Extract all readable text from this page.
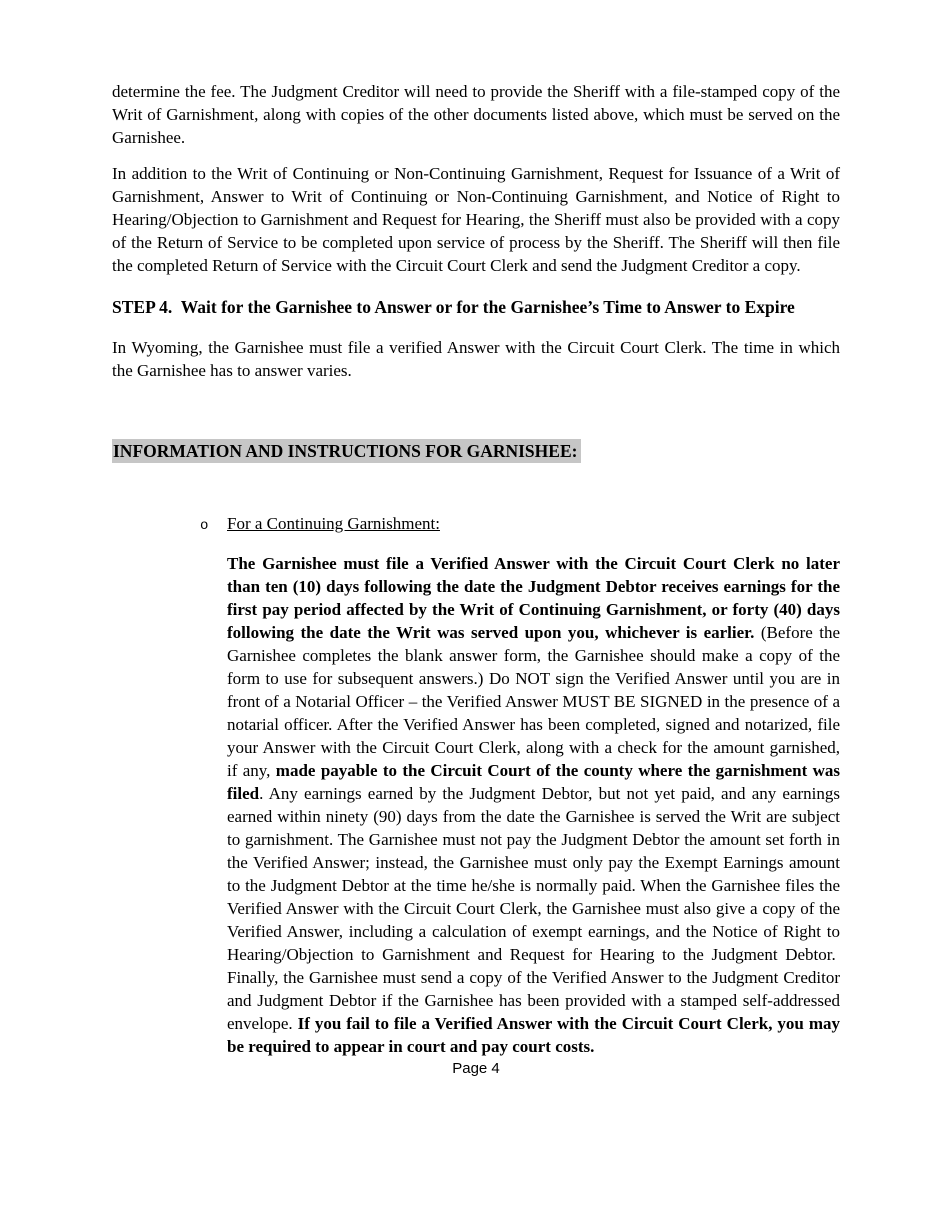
determine the fee. The Judgment Creditor will need to provide the Sheriff with a file-stamped copy of the Writ of Garnishment, along with copies of the other documents listed above, which must be served on the Garnishee.

In addition to the Writ of Continuing or Non-Continuing Garnishment, Request for Issuance of a Writ of Garnishment, Answer to Writ of Continuing or Non-Continuing Garnishment, and Notice of Right to Hearing/Objection to Garnishment and Request for Hearing, the Sheriff must also be provided with a copy of the Return of Service to be completed upon service of process by the Sheriff. The Sheriff will then file the completed Return of Service with the Circuit Court Clerk and send the Judgment Creditor a copy.

STEP 4.  Wait for the Garnishee to Answer or for the Garnishee’s Time to Answer to Expire

In Wyoming, the Garnishee must file a verified Answer with the Circuit Court Clerk. The time in which the Garnishee has to answer varies.

INFORMATION AND INSTRUCTIONS FOR GARNISHEE:
o For a Continuing Garnishment:

The Garnishee must file a Verified Answer with the Circuit Court Clerk no later than ten (10) days following the date the Judgment Debtor receives earnings for the first pay period affected by the Writ of Continuing Garnishment, or forty (40) days following the date the Writ was served upon you, whichever is earlier. (Before the Garnishee completes the blank answer form, the Garnishee should make a copy of the form to use for subsequent answers.) Do NOT sign the Verified Answer until you are in front of a Notarial Officer – the Verified Answer MUST BE SIGNED in the presence of a notarial officer. After the Verified Answer has been completed, signed and notarized, file your Answer with the Circuit Court Clerk, along with a check for the amount garnished, if any, made payable to the Circuit Court of the county where the garnishment was filed. Any earnings earned by the Judgment Debtor, but not yet paid, and any earnings earned within ninety (90) days from the date the Garnishee is served the Writ are subject to garnishment. The Garnishee must not pay the Judgment Debtor the amount set forth in the Verified Answer; instead, the Garnishee must only pay the Exempt Earnings amount to the Judgment Debtor at the time he/she is normally paid. When the Garnishee files the Verified Answer with the Circuit Court Clerk, the Garnishee must also give a copy of the Verified Answer, including a calculation of exempt earnings, and the Notice of Right to Hearing/Objection to Garnishment and Request for Hearing to the Judgment Debtor.  Finally, the Garnishee must send a copy of the Verified Answer to the Judgment Creditor and Judgment Debtor if the Garnishee has been provided with a stamped self-addressed envelope. If you fail to file a Verified Answer with the Circuit Court Clerk, you may be required to appear in court and pay court costs.

Page 4
